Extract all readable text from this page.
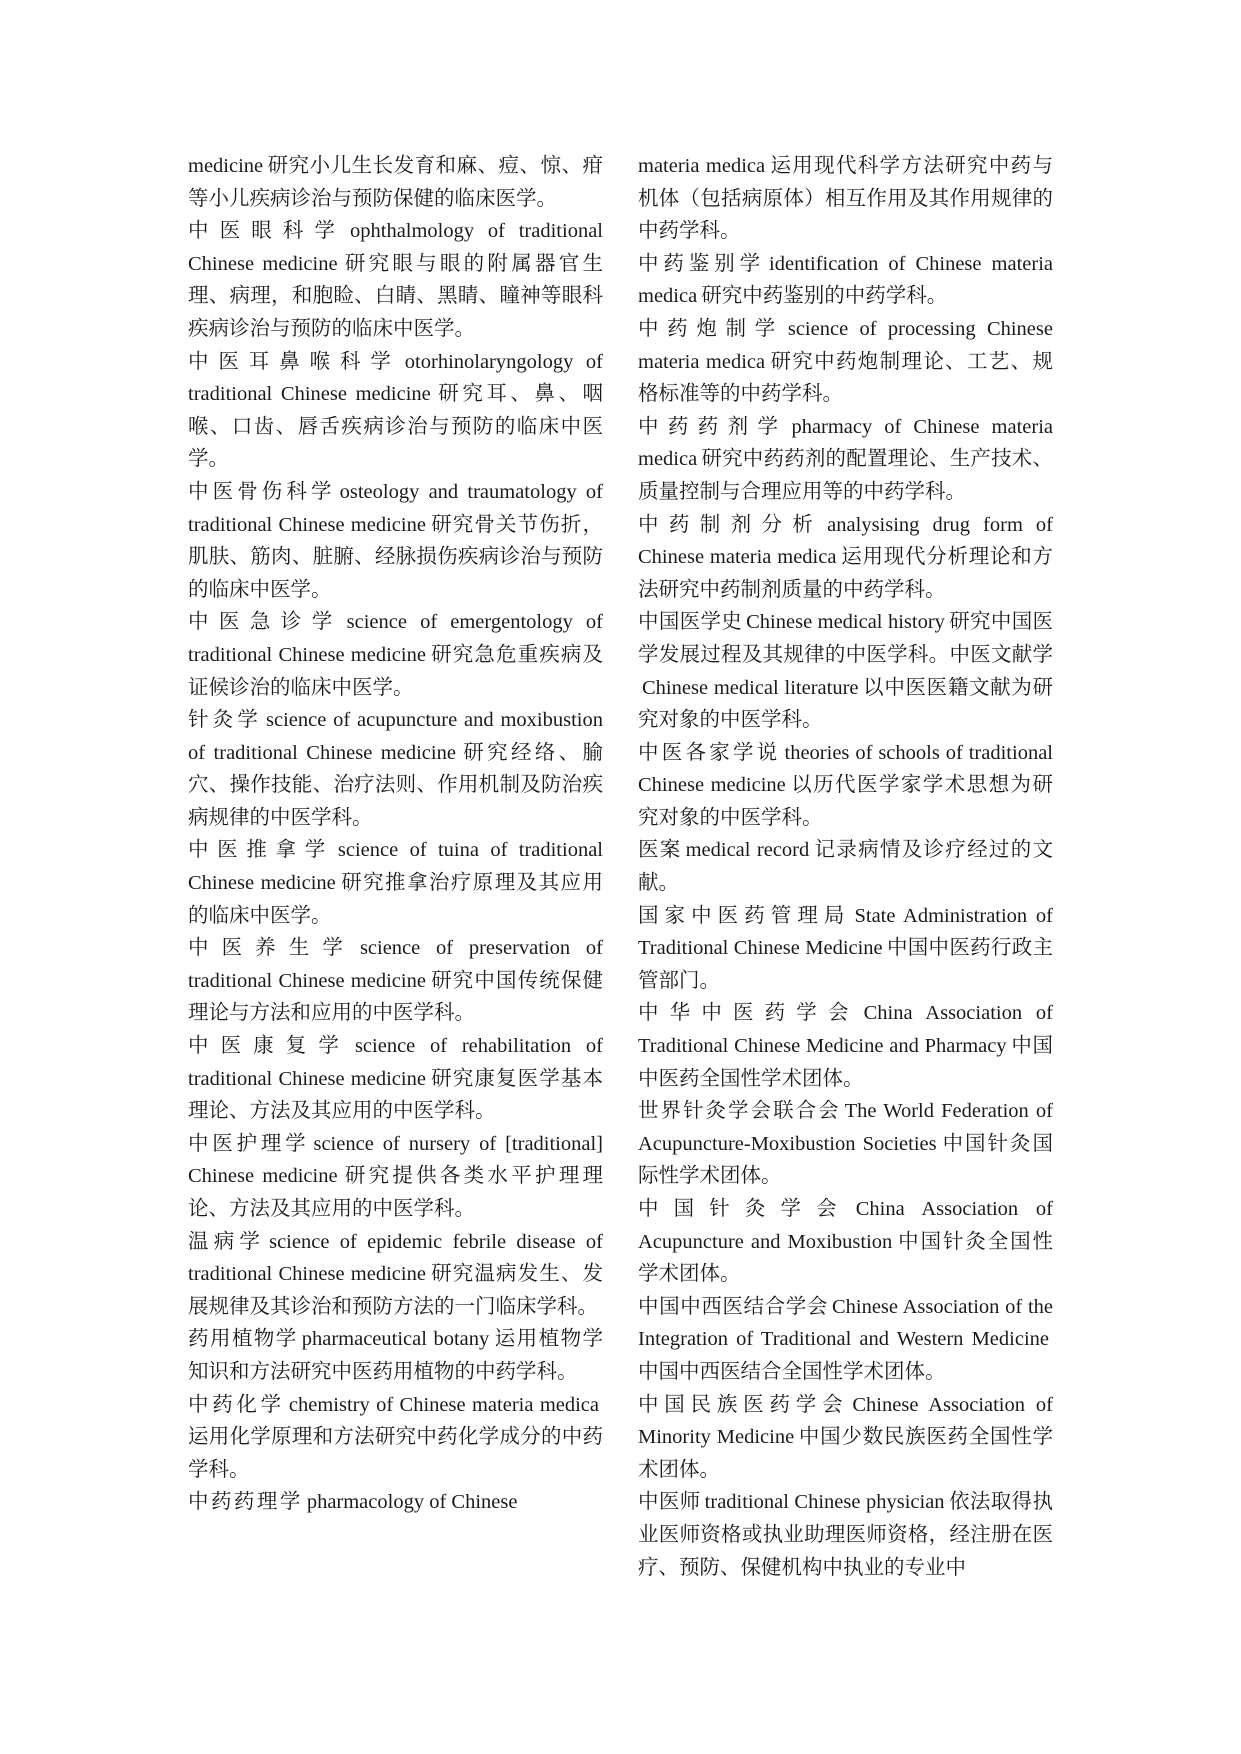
medicine 研究小儿生长发育和麻、痘、惊、疳等小儿疾病诊治与预防保健的临床医学。

中医眼科学 ophthalmology of traditional Chinese medicine 研究眼与眼的附属器官生理、病理，和胞睑、白睛、黑睛、瞳神等眼科疾病诊治与预防的临床中医学。

中医耳鼻喉科学 otorhinolaryngology of traditional Chinese medicine 研究耳、鼻、咽喉、口齿、唇舌疾病诊治与预防的临床中医学。

中医骨伤科学 osteology and traumatology of traditional Chinese medicine 研究骨关节伤折，肌肤、筋肉、脏腑、经脉损伤疾病诊治与预防的临床中医学。

中医急诊学 science of emergentology of traditional Chinese medicine 研究急危重疾病及证候诊治的临床中医学。

针灸学 science of acupuncture and moxibustion of traditional Chinese medicine 研究经络、腧穴、操作技能、治疗法则、作用机制及防治疾病规律的中医学科。

中医推拿学 science of tuina of traditional Chinese medicine 研究推拿治疗原理及其应用的临床中医学。

中医养生学 science of preservation of traditional Chinese medicine 研究中国传统保健理论与方法和应用的中医学科。

中医康复学 science of rehabilitation of traditional Chinese medicine 研究康复医学基本理论、方法及其应用的中医学科。

中医护理学 science of nursery of [traditional] Chinese medicine 研究提供各类水平护理理论、方法及其应用的中医学科。

温病学 science of epidemic febrile disease of traditional Chinese medicine 研究温病发生、发展规律及其诊治和预防方法的一门临床学科。

药用植物学 pharmaceutical botany 运用植物学知识和方法研究中医药用植物的中药学科。

中药化学 chemistry of Chinese materia medica运用化学原理和方法研究中药化学成分的中药学科。

中药药理学 pharmacology of Chinese

materia medica 运用现代科学方法研究中药与机体（包括病原体）相互作用及其作用规律的中药学科。

中药鉴别学 identification of Chinese materia medica 研究中药鉴别的中药学科。

中药炮制学 science of processing Chinese materia medica 研究中药炮制理论、工艺、规格标准等的中药学科。

中药药剂学 pharmacy of Chinese materia medica 研究中药药剂的配置理论、生产技术、质量控制与合理应用等的中药学科。

中药制剂分析 analysising drug form of Chinese materia medica 运用现代分析理论和方法研究中药制剂质量的中药学科。

中国医学史 Chinese medical history 研究中国医学发展过程及其规律的中医学科。中医文献学Chinese medical literature 以中医医籍文献为研究对象的中医学科。

中医各家学说 theories of schools of traditional Chinese medicine 以历代医学家学术思想为研究对象的中医学科。

医案 medical record 记录病情及诊疗经过的文献。

国家中医药管理局 State Administration of Traditional Chinese Medicine 中国中医药行政主管部门。

中华中医药学会 China Association of Traditional Chinese Medicine and Pharmacy 中国中医药全国性学术团体。

世界针灸学会联合会 The World Federation of Acupuncture-Moxibustion Societies 中国针灸国际性学术团体。

中国针灸学会 China Association of Acupuncture and Moxibustion 中国针灸全国性学术团体。

中国中西医结合学会 Chinese Association of the Integration of Traditional and Western Medicine中国中西医结合全国性学术团体。

中国民族医药学会 Chinese Association of Minority Medicine 中国少数民族医药全国性学术团体。

中医师 traditional Chinese physician 依法取得执业医师资格或执业助理医师资格，经注册在医疗、预防、保健机构中执业的专业中
